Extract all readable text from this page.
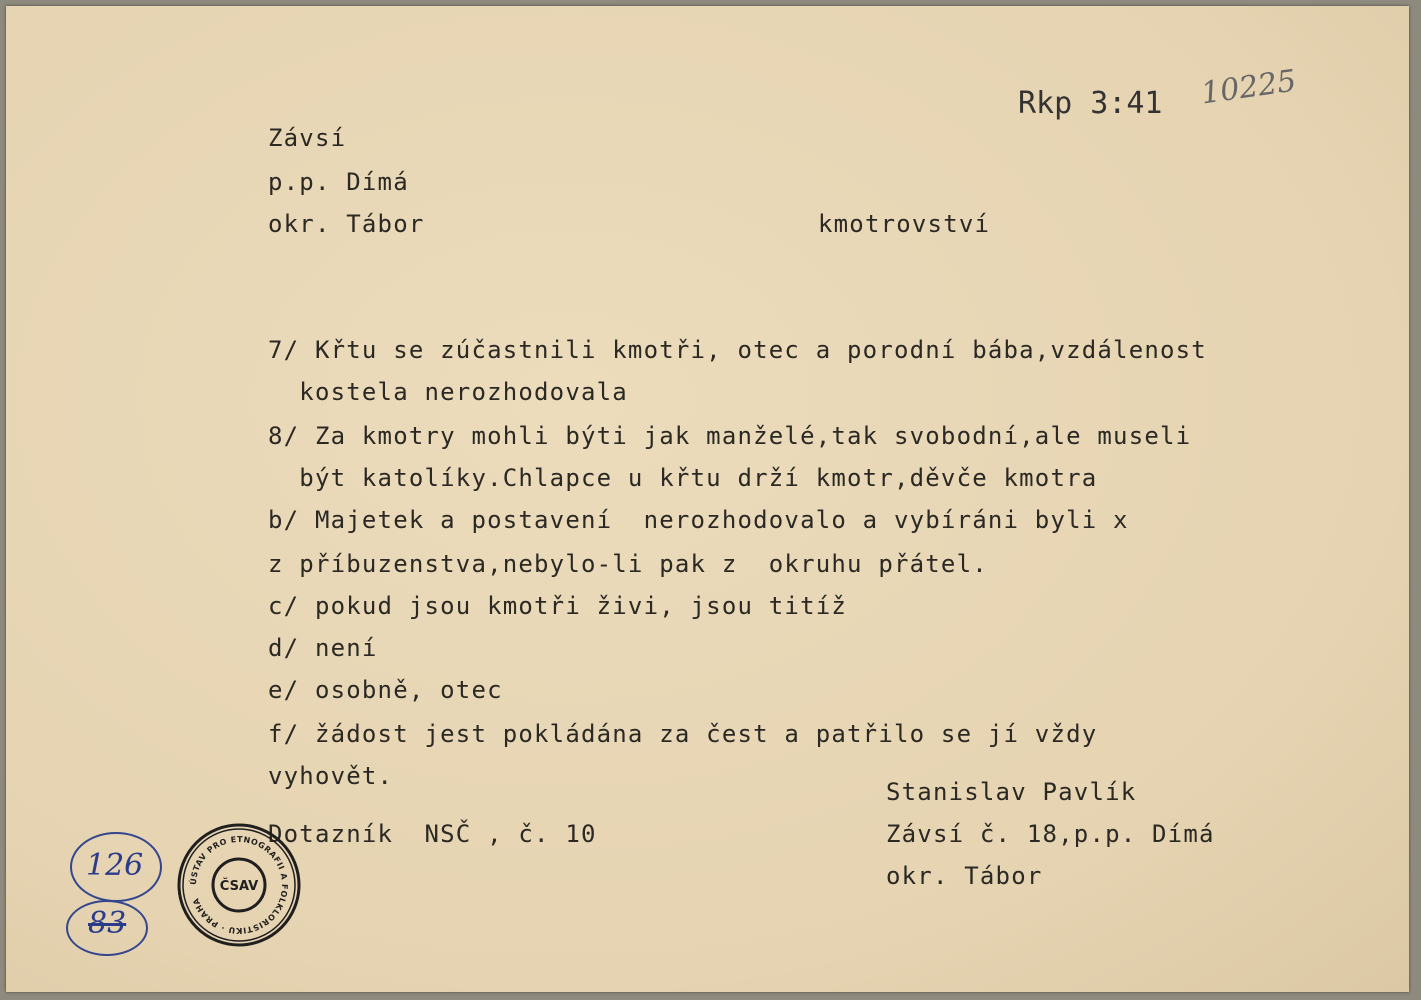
Rkp 3:41 10225
Závsí
p.p. Dímá
okr. Tábor	kmotrovství
7/ Křtu se zúčastnili kmotři, otec a porodní bába,vzdálenost
kostela nerozhodovala
8/ Za kmotry mohli býti jak manželé,tak svobodní,ale museli
být katolíky.Chlapce u křtu drží kmotr,děvče kmotra
b/ Majetek a postavení  nerozhodovalo a vybíráni byli x
z příbuzenstva,nebylo-li pak z  okruhu přátel.
c/ pokud jsou kmotři živi, jsou titíž
d/ není
e/ osobně, otec
f/ žádost jest pokládána za čest a patřilo se jí vždy
vyhovět.
Stanislav Pavlík
Dotazník  NSČ , č. 10	Závsí č. 18,p.p. Dímá
okr. Tábor
ÚSTAV PRO ETNOGRAFII A FOLKLORISTIKU · PRAHA
ČSAV
126
83
